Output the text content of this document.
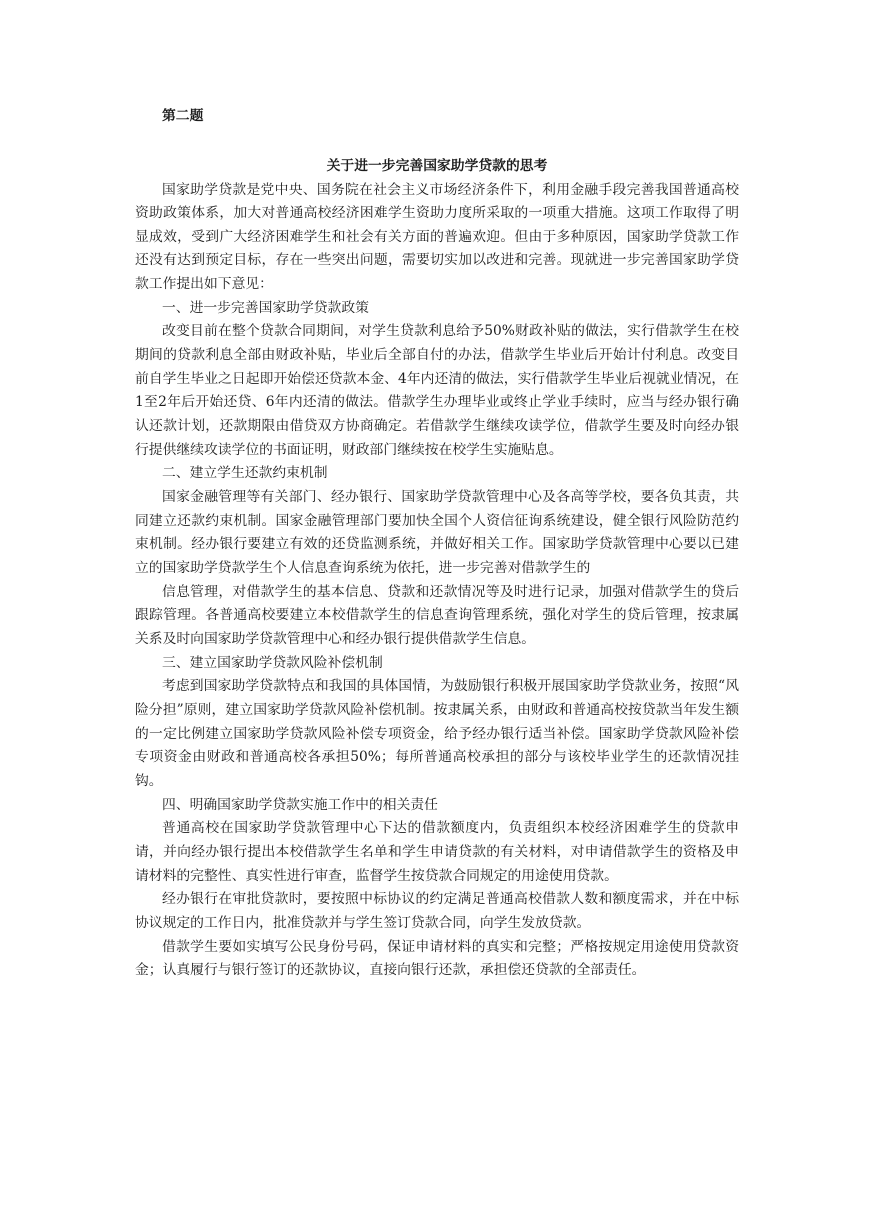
第二题

关于进一步完善国家助学贷款的思考

国家助学贷款是党中央、国务院在社会主义市场经济条件下，利用金融手段完善我国普通高校资助政策体系，加大对普通高校经济困难学生资助力度所采取的一项重大措施。这项工作取得了明显成效，受到广大经济困难学生和社会有关方面的普遍欢迎。但由于多种原因，国家助学贷款工作还没有达到预定目标，存在一些突出问题，需要切实加以改进和完善。现就进一步完善国家助学贷款工作提出如下意见：

一、进一步完善国家助学贷款政策

改变目前在整个贷款合同期间，对学生贷款利息给予50%财政补贴的做法，实行借款学生在校期间的贷款利息全部由财政补贴，毕业后全部自付的办法，借款学生毕业后开始计付利息。改变目前自学生毕业之日起即开始偿还贷款本金、4年内还清的做法，实行借款学生毕业后视就业情况，在1至2年后开始还贷、6年内还清的做法。借款学生办理毕业或终止学业手续时，应当与经办银行确认还款计划，还款期限由借贷双方协商确定。若借款学生继续攻读学位，借款学生要及时向经办银行提供继续攻读学位的书面证明，财政部门继续按在校学生实施贴息。

二、建立学生还款约束机制

国家金融管理等有关部门、经办银行、国家助学贷款管理中心及各高等学校，要各负其责，共同建立还款约束机制。国家金融管理部门要加快全国个人资信征询系统建设，健全银行风险防范约束机制。经办银行要建立有效的还贷监测系统，并做好相关工作。国家助学贷款管理中心要以已建立的国家助学贷款学生个人信息查询系统为依托，进一步完善对借款学生的

信息管理，对借款学生的基本信息、贷款和还款情况等及时进行记录，加强对借款学生的贷后跟踪管理。各普通高校要建立本校借款学生的信息查询管理系统，强化对学生的贷后管理，按隶属关系及时向国家助学贷款管理中心和经办银行提供借款学生信息。

三、建立国家助学贷款风险补偿机制

考虑到国家助学贷款特点和我国的具体国情，为鼓励银行积极开展国家助学贷款业务，按照“风险分担”原则，建立国家助学贷款风险补偿机制。按隶属关系，由财政和普通高校按贷款当年发生额的一定比例建立国家助学贷款风险补偿专项资金，给予经办银行适当补偿。国家助学贷款风险补偿专项资金由财政和普通高校各承担50%；每所普通高校承担的部分与该校毕业学生的还款情况挂钩。

四、明确国家助学贷款实施工作中的相关责任

普通高校在国家助学贷款管理中心下达的借款额度内，负责组织本校经济困难学生的贷款申请，并向经办银行提出本校借款学生名单和学生申请贷款的有关材料，对申请借款学生的资格及申请材料的完整性、真实性进行审查，监督学生按贷款合同规定的用途使用贷款。

经办银行在审批贷款时，要按照中标协议的约定满足普通高校借款人数和额度需求，并在中标协议规定的工作日内，批准贷款并与学生签订贷款合同，向学生发放贷款。

借款学生要如实填写公民身份号码，保证申请材料的真实和完整；严格按规定用途使用贷款资金；认真履行与银行签订的还款协议，直接向银行还款，承担偿还贷款的全部责任。
